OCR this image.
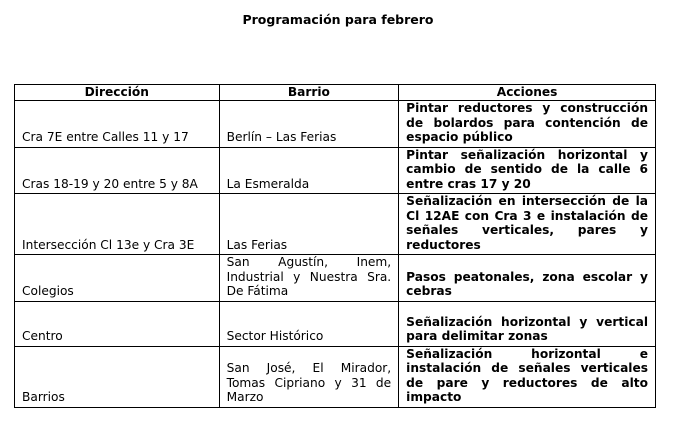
Programación para febrero
Dirección	Barrio	Acciones
Cra 7E entre Calles 11 y 17	Berlín – Las Ferias	Pintar reductores y construcción de bolardos para contención de espacio público
Cras 18-19 y 20 entre 5 y 8A	La Esmeralda	Pintar señalización horizontal y cambio de sentido de la calle 6 entre cras 17 y 20
Intersección Cl 13e y Cra 3E	Las Ferias	Señalización en intersección de la Cl 12AE con Cra 3 e instalación de señales verticales, pares y reductores
Colegios	San Agustín, Inem, Industrial y Nuestra Sra. De Fátima	Pasos peatonales, zona escolar y cebras
Centro	Sector Histórico	Señalización horizontal y vertical para delimitar zonas
Barrios	San José, El Mirador, Tomas Cipriano y 31 de Marzo	Señalización horizontal e instalación de señales verticales de pare y reductores de alto impacto
